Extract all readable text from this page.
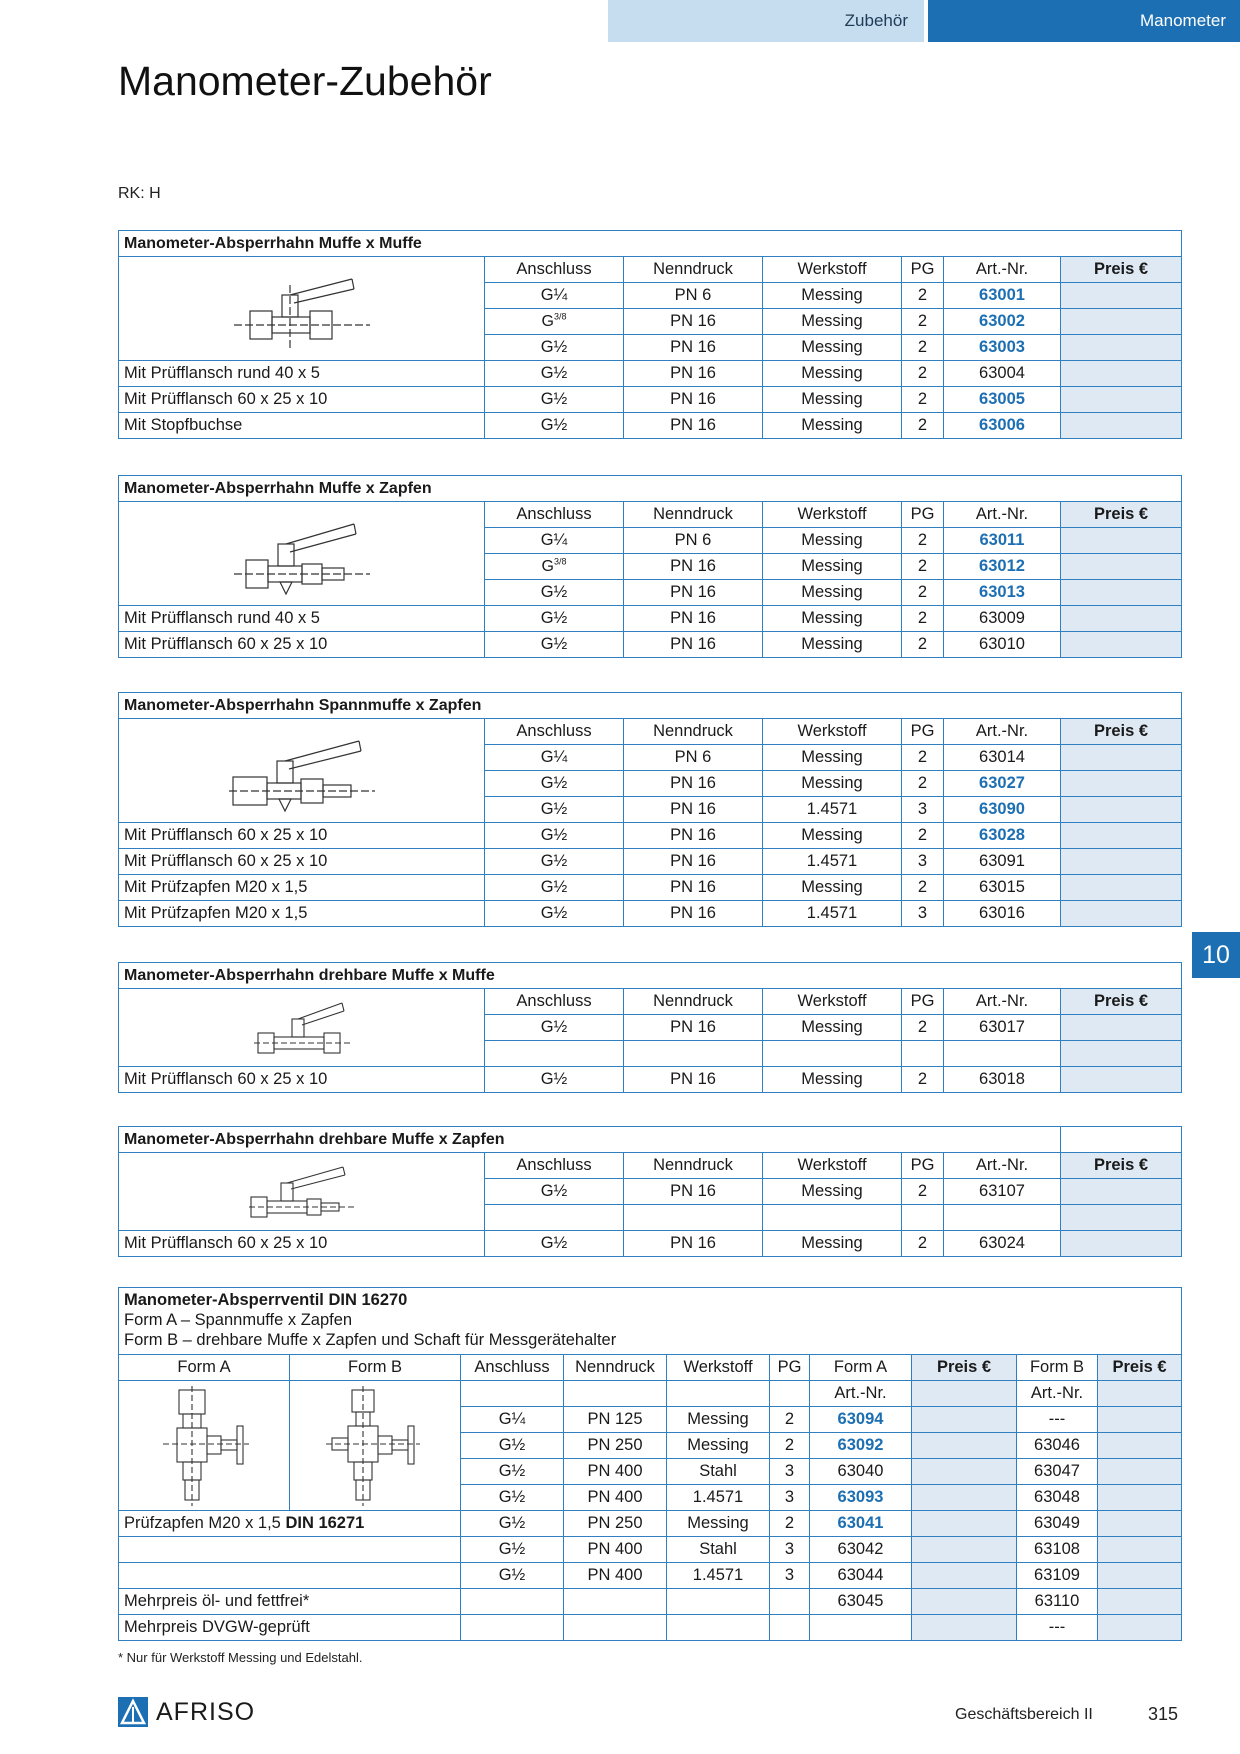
Zubehör	Manometer
Manometer-Zubehör
RK: H
10
Manometer-Absperrhahn Muffe x Muffe						

	Anschluss	Nenndruck	Werkstoff	PG	Art.-Nr.	Preis €
	G¼	PN 6	Messing	2	63001	
	$G^{3/8}$	PN 16	Messing	2	63002	
	G½	PN 16	Messing	2	63003	
Mit Prüfflansch rund 40 x 5	G½	PN 16	Messing	2	63004	
Mit Prüfflansch 60 x 25 x 10	G½	PN 16	Messing	2	63005	
Mit Stopfbuchse	G½	PN 16	Messing	2	63006	
Manometer-Absperrhahn Muffe x Zapfen						

	Anschluss	Nenndruck	Werkstoff	PG	Art.-Nr.	Preis €
	G¼	PN 6	Messing	2	63011	
	$G^{3/8}$	PN 16	Messing	2	63012	
	G½	PN 16	Messing	2	63013	
Mit Prüfflansch rund 40 x 5	G½	PN 16	Messing	2	63009	
Mit Prüfflansch 60 x 25 x 10	G½	PN 16	Messing	2	63010	
Manometer-Absperrhahn Spannmuffe x Zapfen						

	Anschluss	Nenndruck	Werkstoff	PG	Art.-Nr.	Preis €
	G¼	PN 6	Messing	2	63014	
	G½	PN 16	Messing	2	63027	
	G½	PN 16	1.4571	3	63090	
Mit Prüfflansch 60 x 25 x 10	G½	PN 16	Messing	2	63028	
Mit Prüfflansch 60 x 25 x 10	G½	PN 16	1.4571	3	63091	
Mit Prüfzapfen M20 x 1,5	G½	PN 16	Messing	2	63015	
Mit Prüfzapfen M20 x 1,5	G½	PN 16	1.4571	3	63016	
Manometer-Absperrhahn drehbare Muffe x Muffe						

	Anschluss	Nenndruck	Werkstoff	PG	Art.-Nr.	Preis €
	G½	PN 16	Messing	2	63017	

Mit Prüfflansch 60 x 25 x 10	G½	PN 16	Messing	2	63018	
Manometer-Absperrhahn drehbare Muffe x Zapfen						

	Anschluss	Nenndruck	Werkstoff	PG	Art.-Nr.	Preis €
	G½	PN 16	Messing	2	63107	

Mit Prüfflansch 60 x 25 x 10	G½	PN 16	Messing	2	63024	
Manometer-Absperrventil DIN 16270
Form A – Spannmuffe x Zapfen
Form B – drehbare Muffe x Zapfen und Schaft für Messgerätehalter									
Form A	Form B	Anschluss	Nenndruck	Werkstoff	PG	Form A	Preis €	Form B	Preis €

					Art.-Nr.		Art.-Nr.	
		G¼	PN 125	Messing	2	63094		---	
		G½	PN 250	Messing	2	63092		63046	
		G½	PN 400	Stahl	3	63040		63047	
		G½	PN 400	1.4571	3	63093		63048	
Prüfzapfen M20 x 1,5 DIN 16271		G½	PN 250	Messing	2	63041		63049	
		G½	PN 400	Stahl	3	63042		63108	
		G½	PN 400	1.4571	3	63044		63109	
Mehrpreis öl- und fettfrei*						63045		63110	
Mehrpreis DVGW-geprüft								---	
* Nur für Werkstoff Messing und Edelstahl.
AFRISO	Geschäftsbereich II	315
